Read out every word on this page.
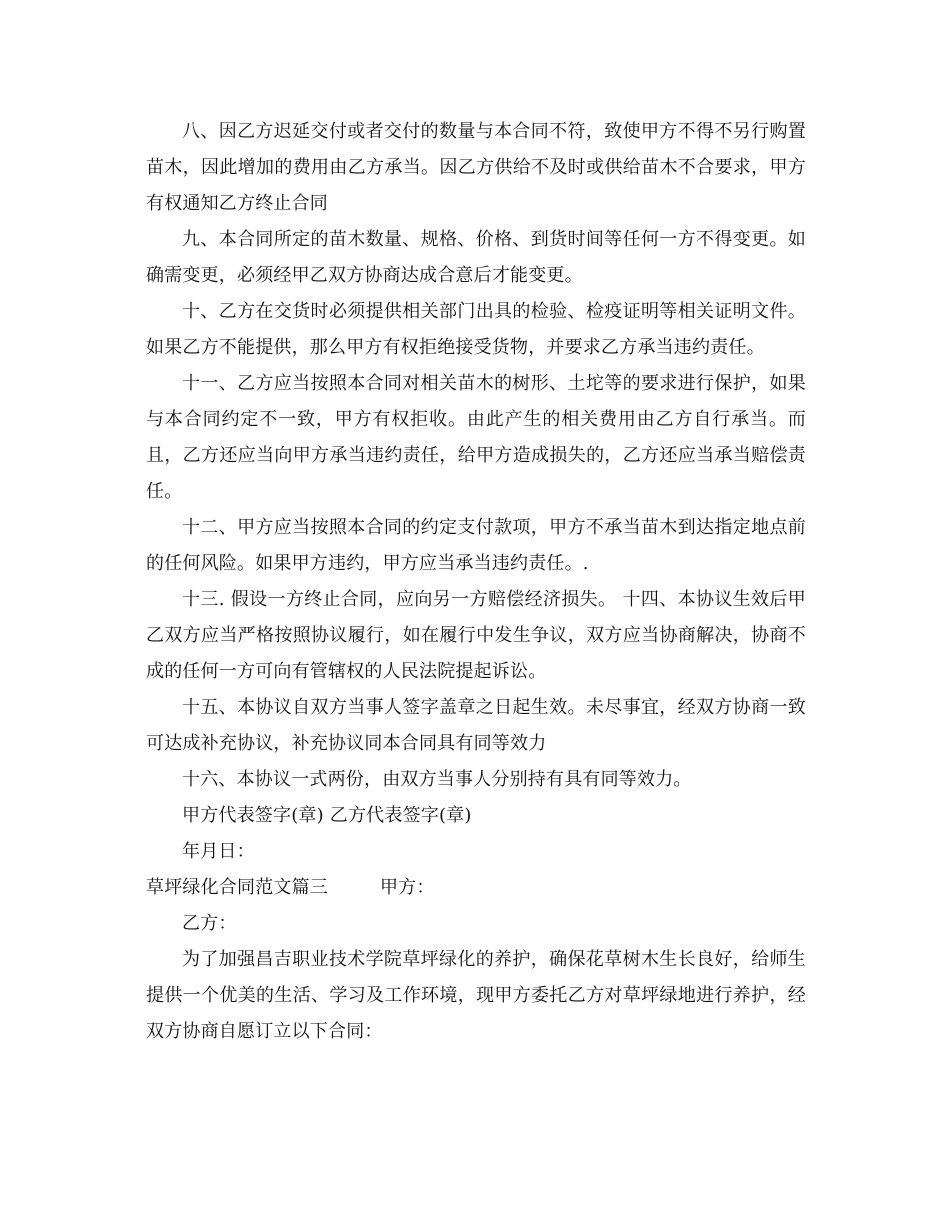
八、因乙方迟延交付或者交付的数量与本合同不符，致使甲方不得不另行购置苗木，因此增加的费用由乙方承当。因乙方供给不及时或供给苗木不合要求，甲方有权通知乙方终止合同

九、本合同所定的苗木数量、规格、价格、到货时间等任何一方不得变更。如确需变更，必须经甲乙双方协商达成合意后才能变更。

十、乙方在交货时必须提供相关部门出具的检验、检疫证明等相关证明文件。如果乙方不能提供，那么甲方有权拒绝接受货物，并要求乙方承当违约责任。

十一、乙方应当按照本合同对相关苗木的树形、土坨等的要求进行保护，如果与本合同约定不一致，甲方有权拒收。由此产生的相关费用由乙方自行承当。而且，乙方还应当向甲方承当违约责任，给甲方造成损失的，乙方还应当承当赔偿责任。

十二、甲方应当按照本合同的约定支付款项，甲方不承当苗木到达指定地点前的任何风险。如果甲方违约，甲方应当承当违约责任。.

十三. 假设一方终止合同，应向另一方赔偿经济损失。 十四、本协议生效后甲乙双方应当严格按照协议履行，如在履行中发生争议，双方应当协商解决，协商不成的任何一方可向有管辖权的人民法院提起诉讼。

十五、本协议自双方当事人签字盖章之日起生效。未尽事宜，经双方协商一致可达成补充协议，补充协议同本合同具有同等效力

十六、本协议一式两份，由双方当事人分别持有具有同等效力。

甲方代表签字(章) 乙方代表签字(章)

年月日：

草坪绿化合同范文篇三	甲方：

乙方：

为了加强昌吉职业技术学院草坪绿化的养护，确保花草树木生长良好，给师生提供一个优美的生活、学习及工作环境，现甲方委托乙方对草坪绿地进行养护，经双方协商自愿订立以下合同：
